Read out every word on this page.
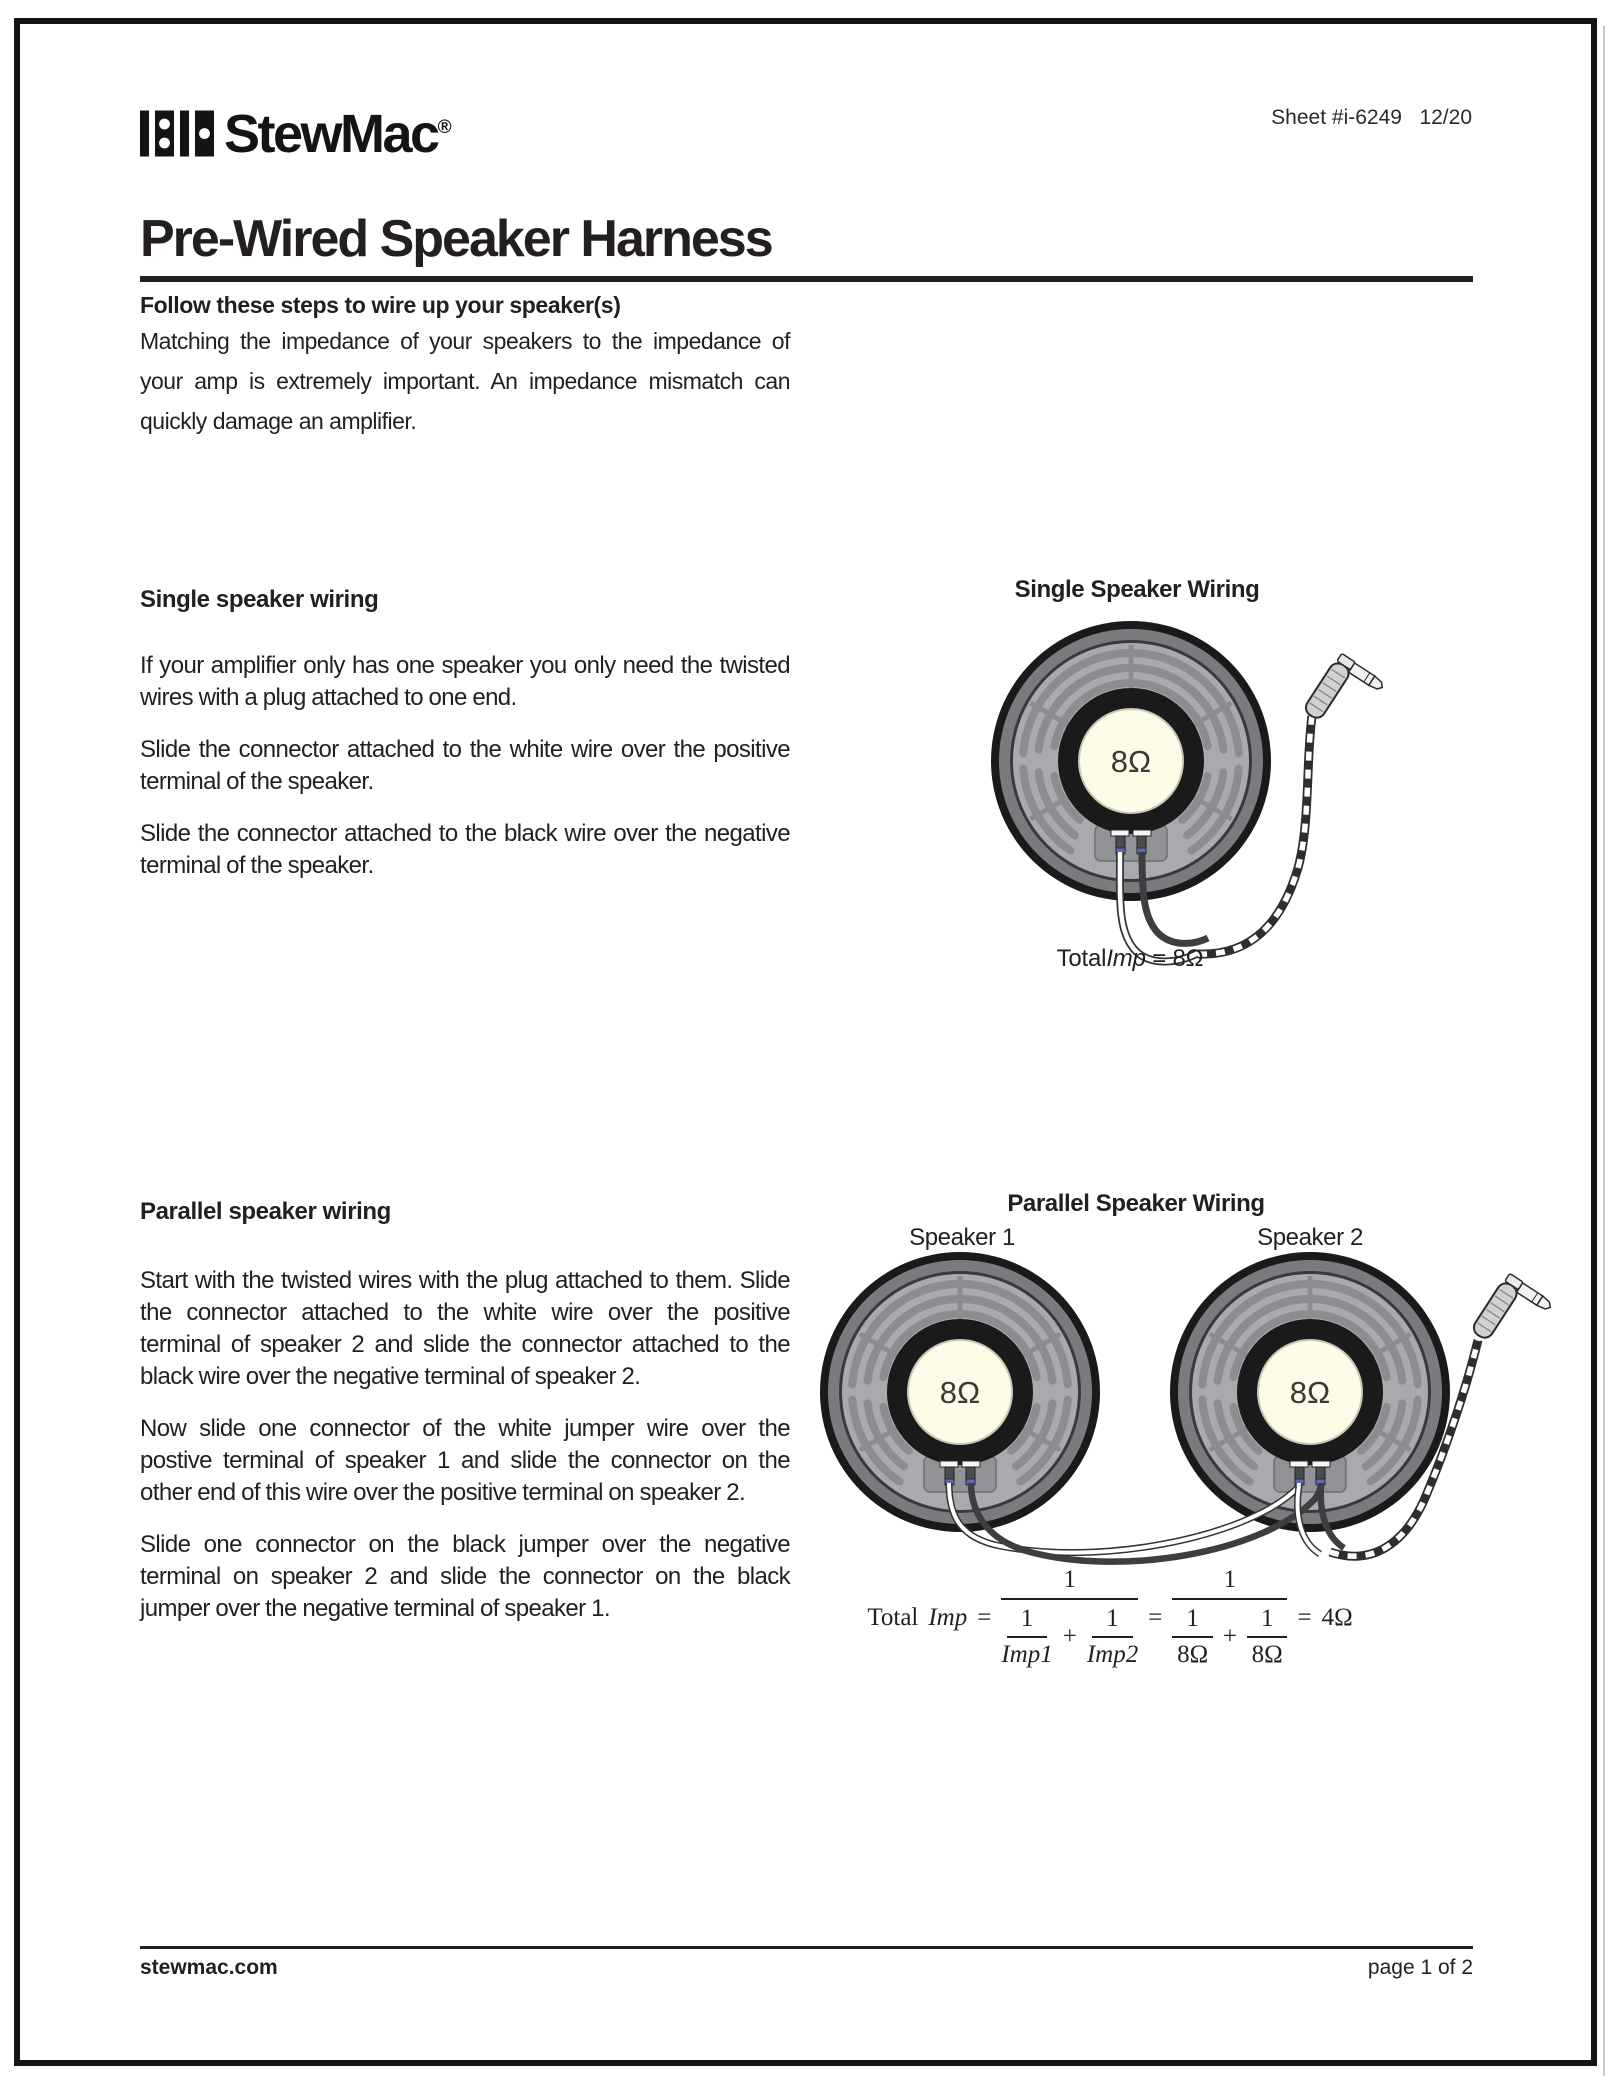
StewMac®	Sheet #i-6249   12/20
Pre-Wired Speaker Harness
Follow these steps to wire up your speaker(s)
Matching the impedance of your speakers to the impedance of your amp is extremely important. An impedance mismatch can quickly damage an amplifier.
Single speaker wiring

If your amplifier only has one speaker you only need the twisted wires with a plug attached to one end.

Slide the connector attached to the white wire over the positive terminal of the speaker.

Slide the connector attached to the black wire over the negative terminal of the speaker.

Single Speaker Wiring
+ –
8Ω
TotalImp = 8Ω
Parallel speaker wiring

Start with the twisted wires with the plug attached to them. Slide the connector attached to the white wire over the positive terminal of speaker 2 and slide the connector attached to the black wire over the negative terminal of speaker 2.

Now slide one connector of the white jumper wire over the postive terminal of speaker 1 and slide the connector on the other end of this wire over the positive terminal on speaker 2.

Slide one connector on the black jumper over the negative terminal on speaker 2 and slide the connector on the black jumper over the negative terminal of speaker 1.

Parallel Speaker Wiring
Speaker 1	Speaker 2
+ –	+ –
8Ω	8Ω
Total Imp =
1
1
Imp1
+
1
Imp2
=
1
$\frac{1}{8\Omega} + \frac{1}{8\Omega} = 4\Omega$
stewmac.com	page 1 of 2
